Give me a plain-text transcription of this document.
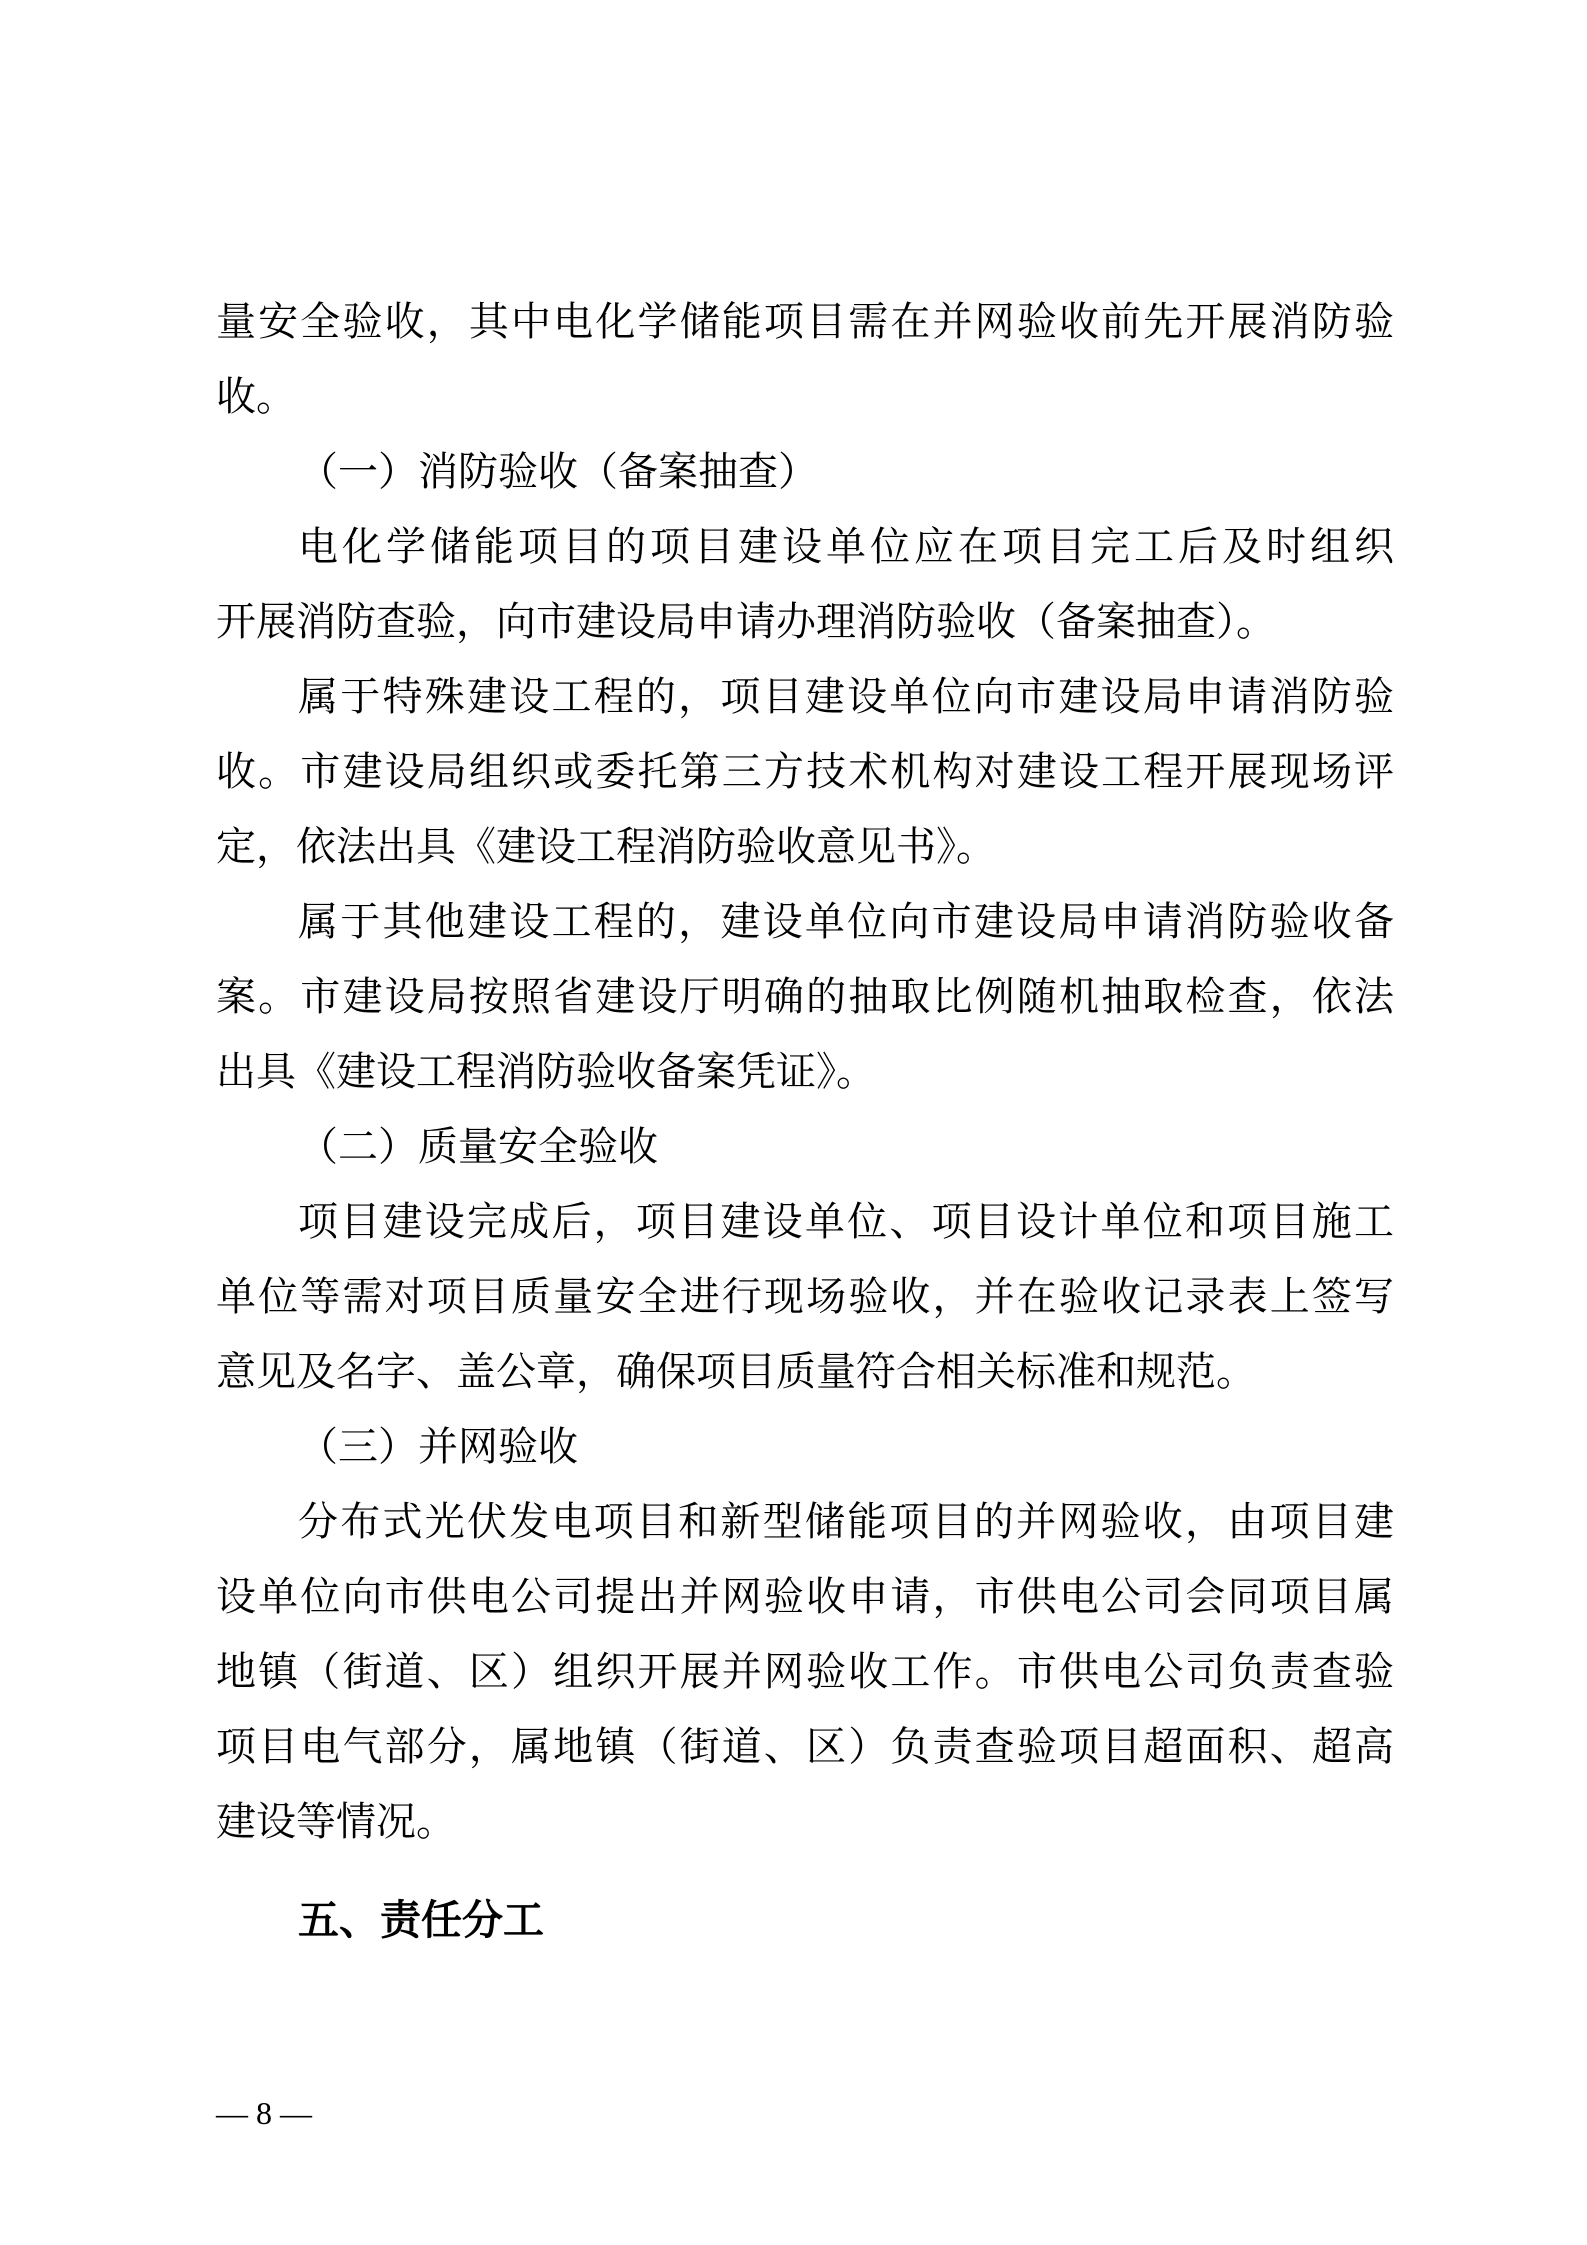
量安全验收，其中电化学储能项目需在并网验收前先开展消防验
收。
（一）消防验收（备案抽查）
电化学储能项目的项目建设单位应在项目完工后及时组织
开展消防查验，向市建设局申请办理消防验收（备案抽查）。
属于特殊建设工程的，项目建设单位向市建设局申请消防验
收。市建设局组织或委托第三方技术机构对建设工程开展现场评
定，依法出具《建设工程消防验收意见书》。
属于其他建设工程的，建设单位向市建设局申请消防验收备
案。市建设局按照省建设厅明确的抽取比例随机抽取检查，依法
出具《建设工程消防验收备案凭证》。
（二）质量安全验收
项目建设完成后，项目建设单位、项目设计单位和项目施工
单位等需对项目质量安全进行现场验收，并在验收记录表上签写
意见及名字、盖公章，确保项目质量符合相关标准和规范。
（三）并网验收
分布式光伏发电项目和新型储能项目的并网验收，由项目建
设单位向市供电公司提出并网验收申请，市供电公司会同项目属
地镇（街道、区）组织开展并网验收工作。市供电公司负责查验
项目电气部分，属地镇（街道、区）负责查验项目超面积、超高
建设等情况。
五、责任分工
— 8 —
